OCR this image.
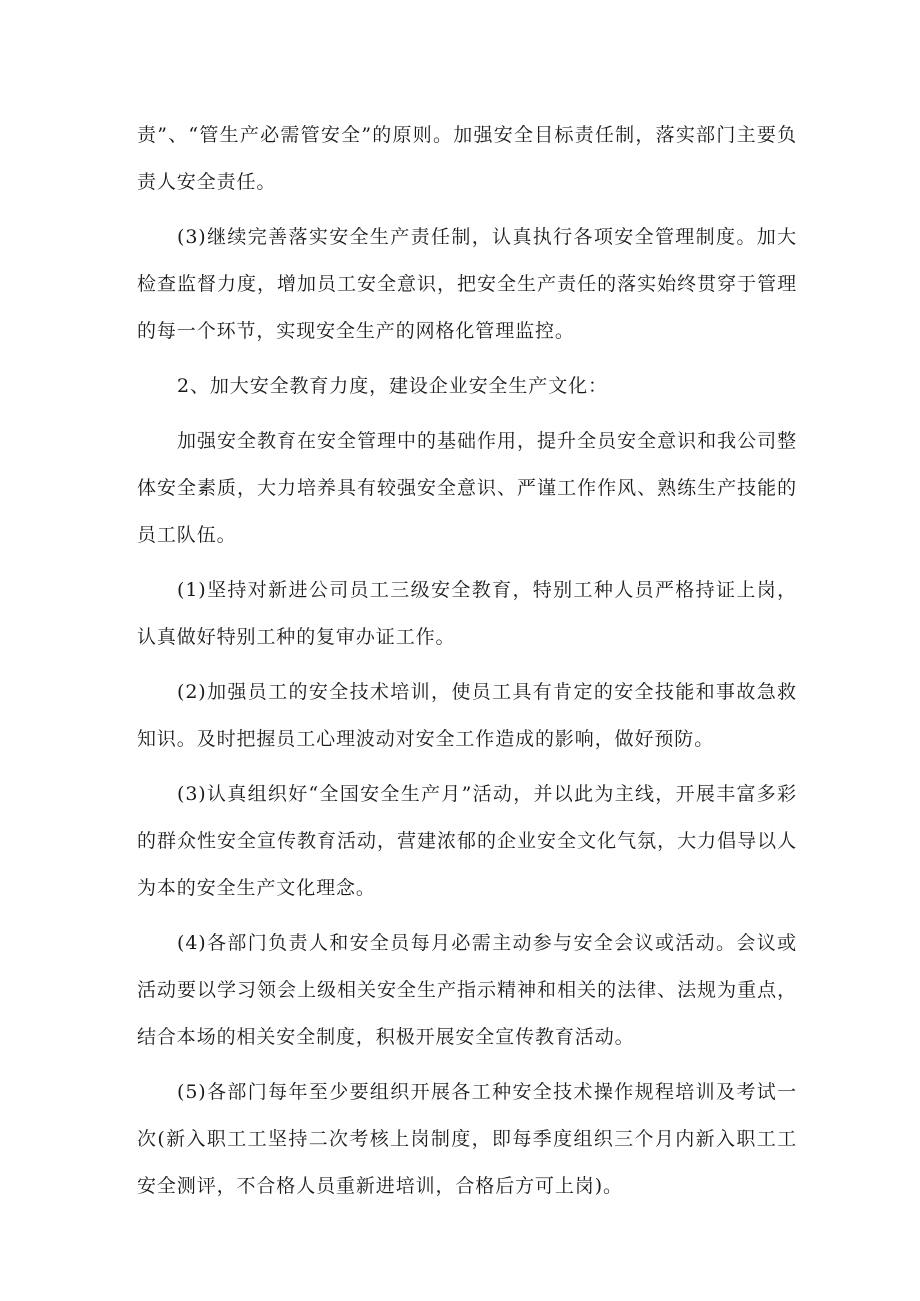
责”、“管生产必需管安全”的原则。加强安全目标责任制，落实部门主要负责人安全责任。

(3)继续完善落实安全生产责任制，认真执行各项安全管理制度。加大检查监督力度，增加员工安全意识，把安全生产责任的落实始终贯穿于管理的每一个环节，实现安全生产的网格化管理监控。

2、加大安全教育力度，建设企业安全生产文化：

加强安全教育在安全管理中的基础作用，提升全员安全意识和我公司整体安全素质，大力培养具有较强安全意识、严谨工作作风、熟练生产技能的员工队伍。

(1)坚持对新进公司员工三级安全教育，特别工种人员严格持证上岗，认真做好特别工种的复审办证工作。

(2)加强员工的安全技术培训，使员工具有肯定的安全技能和事故急救知识。及时把握员工心理波动对安全工作造成的影响，做好预防。

(3)认真组织好“全国安全生产月”活动，并以此为主线，开展丰富多彩的群众性安全宣传教育活动，营建浓郁的企业安全文化气氛，大力倡导以人为本的安全生产文化理念。

(4)各部门负责人和安全员每月必需主动参与安全会议或活动。会议或活动要以学习领会上级相关安全生产指示精神和相关的法律、法规为重点，结合本场的相关安全制度，积极开展安全宣传教育活动。

(5)各部门每年至少要组织开展各工种安全技术操作规程培训及考试一次(新入职工工坚持二次考核上岗制度，即每季度组织三个月内新入职工工安全测评，不合格人员重新进培训，合格后方可上岗)。
